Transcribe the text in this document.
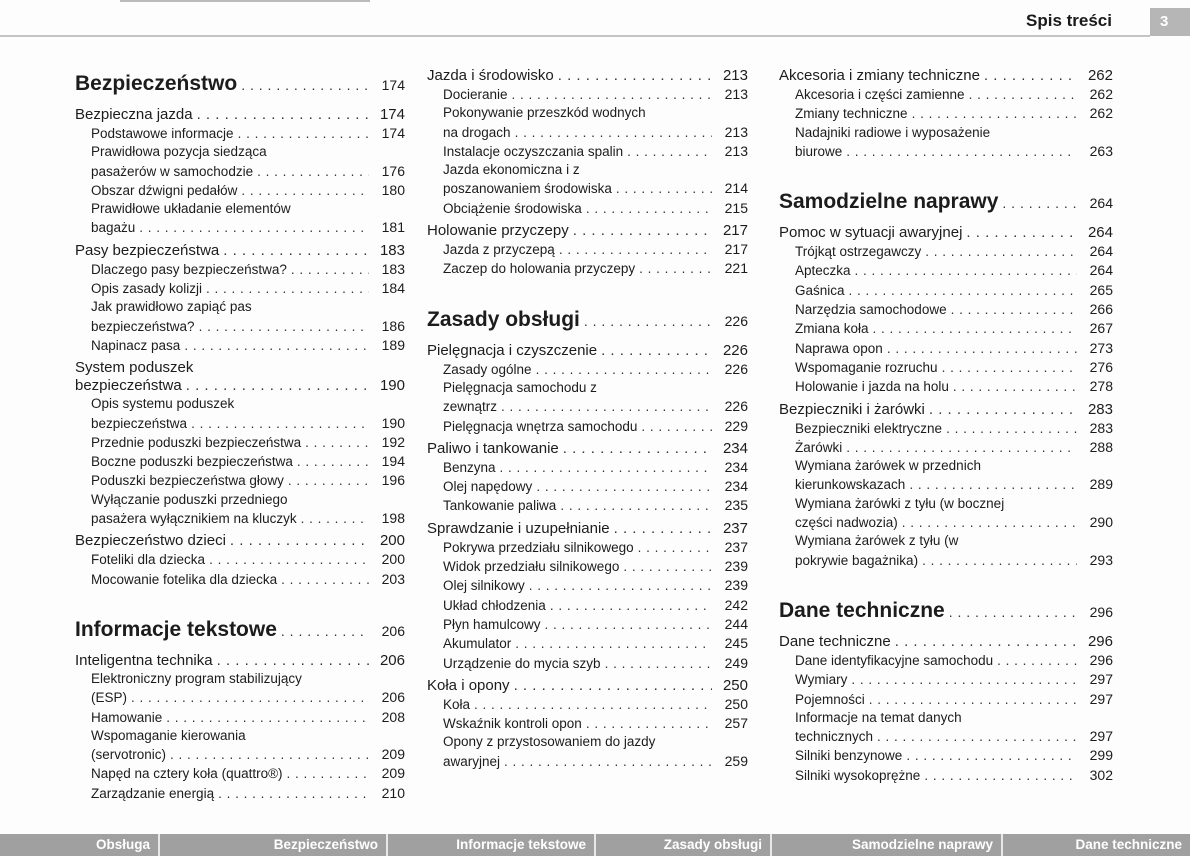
Spis treści	3
Bezpieczeństwo . . .	174
Bezpieczna jazda . . .	174
Podstawowe informacje . . .	174
Prawidłowa pozycja siedząca
pasażerów w samochodzie . . .	176
Obszar dźwigni pedałów . . .	180
Prawidłowe układanie elementów
bagażu . . .	181
Pasy bezpieczeństwa . . .	183
Dlaczego pasy bezpieczeństwa? . . .	183
Opis zasady kolizji . . .	184
Jak prawidłowo zapiąć pas
bezpieczeństwa? . . .	186
Napinacz pasa . . .	189
System poduszek
bezpieczeństwa . . .	190
Opis systemu poduszek
bezpieczeństwa . . .	190
Przednie poduszki bezpieczeństwa . . .	192
Boczne poduszki bezpieczeństwa . . .	194
Poduszki bezpieczeństwa głowy . . .	196
Wyłączanie poduszki przedniego
pasażera wyłącznikiem na kluczyk . . .	198
Bezpieczeństwo dzieci . . .	200
Foteliki dla dziecka . . .	200
Mocowanie fotelika dla dziecka . . .	203
Informacje tekstowe . . .	206
Inteligentna technika . . .	206
Elektroniczny program stabilizujący
(ESP) . . .	206
Hamowanie . . .	208
Wspomaganie kierowania
(servotronic) . . .	209
Napęd na cztery koła (quattro®) . . .	209
Zarządzanie energią . . .	210
Jazda i środowisko . . .	213
Docieranie . . .	213
Pokonywanie przeszkód wodnych
na drogach . . .	213
Instalacje oczyszczania spalin . . .	213
Jazda ekonomiczna i z
poszanowaniem środowiska . . .	214
Obciążenie środowiska . . .	215
Holowanie przyczepy . . .	217
Jazda z przyczepą . . .	217
Zaczep do holowania przyczepy . . .	221
Zasady obsługi . . .	226
Pielęgnacja i czyszczenie . . .	226
Zasady ogólne . . .	226
Pielęgnacja samochodu z
zewnątrz . . .	226
Pielęgnacja wnętrza samochodu . . .	229
Paliwo i tankowanie . . .	234
Benzyna . . .	234
Olej napędowy . . .	234
Tankowanie paliwa . . .	235
Sprawdzanie i uzupełnianie . . .	237
Pokrywa przedziału silnikowego . . .	237
Widok przedziału silnikowego . . .	239
Olej silnikowy . . .	239
Układ chłodzenia . . .	242
Płyn hamulcowy . . .	244
Akumulator . . .	245
Urządzenie do mycia szyb . . .	249
Koła i opony . . .	250
Koła . . .	250
Wskaźnik kontroli opon . . .	257
Opony z przystosowaniem do jazdy
awaryjnej . . .	259
Akcesoria i zmiany techniczne . . .	262
Akcesoria i części zamienne . . .	262
Zmiany techniczne . . .	262
Nadajniki radiowe i wyposażenie
biurowe . . .	263
Samodzielne naprawy . . .	264
Pomoc w sytuacji awaryjnej . . .	264
Trójkąt ostrzegawczy . . .	264
Apteczka . . .	264
Gaśnica . . .	265
Narzędzia samochodowe . . .	266
Zmiana koła . . .	267
Naprawa opon . . .	273
Wspomaganie rozruchu . . .	276
Holowanie i jazda na holu . . .	278
Bezpieczniki i żarówki . . .	283
Bezpieczniki elektryczne . . .	283
Żarówki . . .	288
Wymiana żarówek w przednich
kierunkowskazach . . .	289
Wymiana żarówki z tyłu (w bocznej
części nadwozia) . . .	290
Wymiana żarówek z tyłu (w
pokrywie bagażnika) . . .	293
Dane techniczne . . .	296
Dane techniczne . . .	296
Dane identyfikacyjne samochodu . . .	296
Wymiary . . .	297
Pojemności . . .	297
Informacje na temat danych
technicznych . . .	297
Silniki benzynowe . . .	299
Silniki wysokoprężne . . .	302
Obsługa	Bezpieczeństwo	Informacje tekstowe	Zasady obsługi	Samodzielne naprawy	Dane techniczne
